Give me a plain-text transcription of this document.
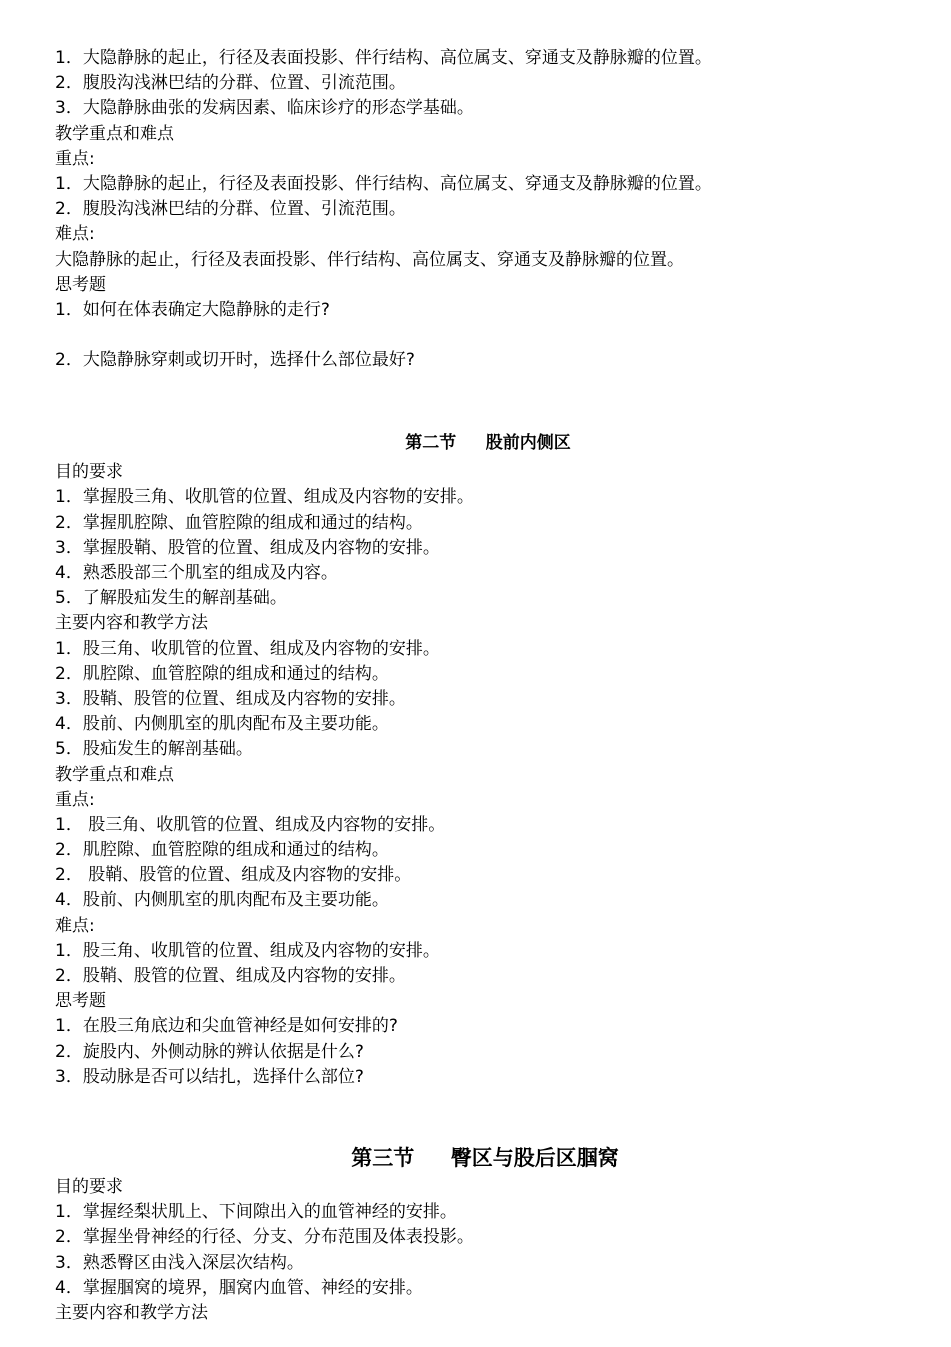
1．大隐静脉的起止，行径及表面投影、伴行结构、高位属支、穿通支及静脉瓣的位置。
2．腹股沟浅淋巴结的分群、位置、引流范围。
3．大隐静脉曲张的发病因素、临床诊疗的形态学基础。
教学重点和难点
重点:
1．大隐静脉的起止，行径及表面投影、伴行结构、高位属支、穿通支及静脉瓣的位置。
2．腹股沟浅淋巴结的分群、位置、引流范围。
难点:
大隐静脉的起止，行径及表面投影、伴行结构、高位属支、穿通支及静脉瓣的位置。
思考题
1．如何在体表确定大隐静脉的走行?
2．大隐静脉穿刺或切开时，选择什么部位最好?
第二节     股前内侧区
目的要求
1．掌握股三角、收肌管的位置、组成及内容物的安排。
2．掌握肌腔隙、血管腔隙的组成和通过的结构。
3．掌握股鞘、股管的位置、组成及内容物的安排。
4．熟悉股部三个肌室的组成及内容。
5．了解股疝发生的解剖基础。
主要内容和教学方法
1．股三角、收肌管的位置、组成及内容物的安排。
2．肌腔隙、血管腔隙的组成和通过的结构。
3．股鞘、股管的位置、组成及内容物的安排。
4．股前、内侧肌室的肌肉配布及主要功能。
5．股疝发生的解剖基础。
教学重点和难点
重点:
1． 股三角、收肌管的位置、组成及内容物的安排。
2．肌腔隙、血管腔隙的组成和通过的结构。
2． 股鞘、股管的位置、组成及内容物的安排。
4．股前、内侧肌室的肌肉配布及主要功能。
难点:
1．股三角、收肌管的位置、组成及内容物的安排。
2．股鞘、股管的位置、组成及内容物的安排。
思考题
1．在股三角底边和尖血管神经是如何安排的?
2．旋股内、外侧动脉的辨认依据是什么?
3．股动脉是否可以结扎，选择什么部位?
第三节     臀区与股后区腘窝
目的要求
1．掌握经梨状肌上、下间隙出入的血管神经的安排。
2．掌握坐骨神经的行径、分支、分布范围及体表投影。
3．熟悉臀区由浅入深层次结构。
4．掌握腘窝的境界，腘窝内血管、神经的安排。
主要内容和教学方法
